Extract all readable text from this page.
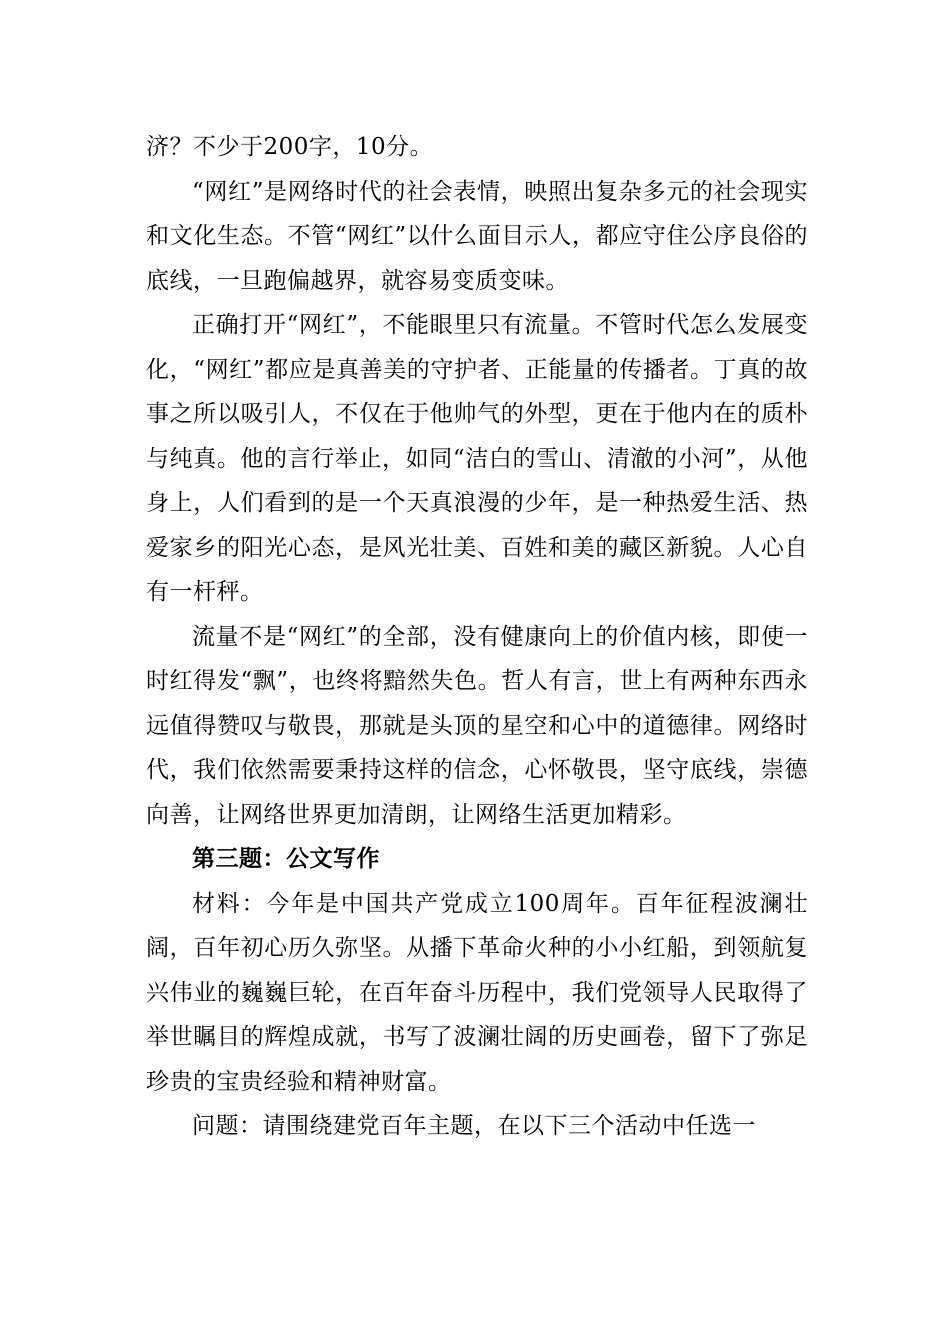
济？不少于200字，10分。

“网红”是网络时代的社会表情，映照出复杂多元的社会现实和文化生态。不管“网红”以什么面目示人，都应守住公序良俗的底线，一旦跑偏越界，就容易变质变味。

正确打开“网红”，不能眼里只有流量。不管时代怎么发展变化，“网红”都应是真善美的守护者、正能量的传播者。丁真的故事之所以吸引人，不仅在于他帅气的外型，更在于他内在的质朴与纯真。他的言行举止，如同“洁白的雪山、清澈的小河”，从他身上，人们看到的是一个天真浪漫的少年，是一种热爱生活、热爱家乡的阳光心态，是风光壮美、百姓和美的藏区新貌。人心自有一杆秤。

流量不是“网红”的全部，没有健康向上的价值内核，即使一时红得发“飘”，也终将黯然失色。哲人有言，世上有两种东西永远值得赞叹与敬畏，那就是头顶的星空和心中的道德律。网络时代，我们依然需要秉持这样的信念，心怀敬畏，坚守底线，崇德向善，让网络世界更加清朗，让网络生活更加精彩。

第三题：公文写作

材料：今年是中国共产党成立100周年。百年征程波澜壮阔，百年初心历久弥坚。从播下革命火种的小小红船，到领航复兴伟业的巍巍巨轮，在百年奋斗历程中，我们党领导人民取得了举世瞩目的辉煌成就，书写了波澜壮阔的历史画卷，留下了弥足珍贵的宝贵经验和精神财富。

问题：请围绕建党百年主题，在以下三个活动中任选一
